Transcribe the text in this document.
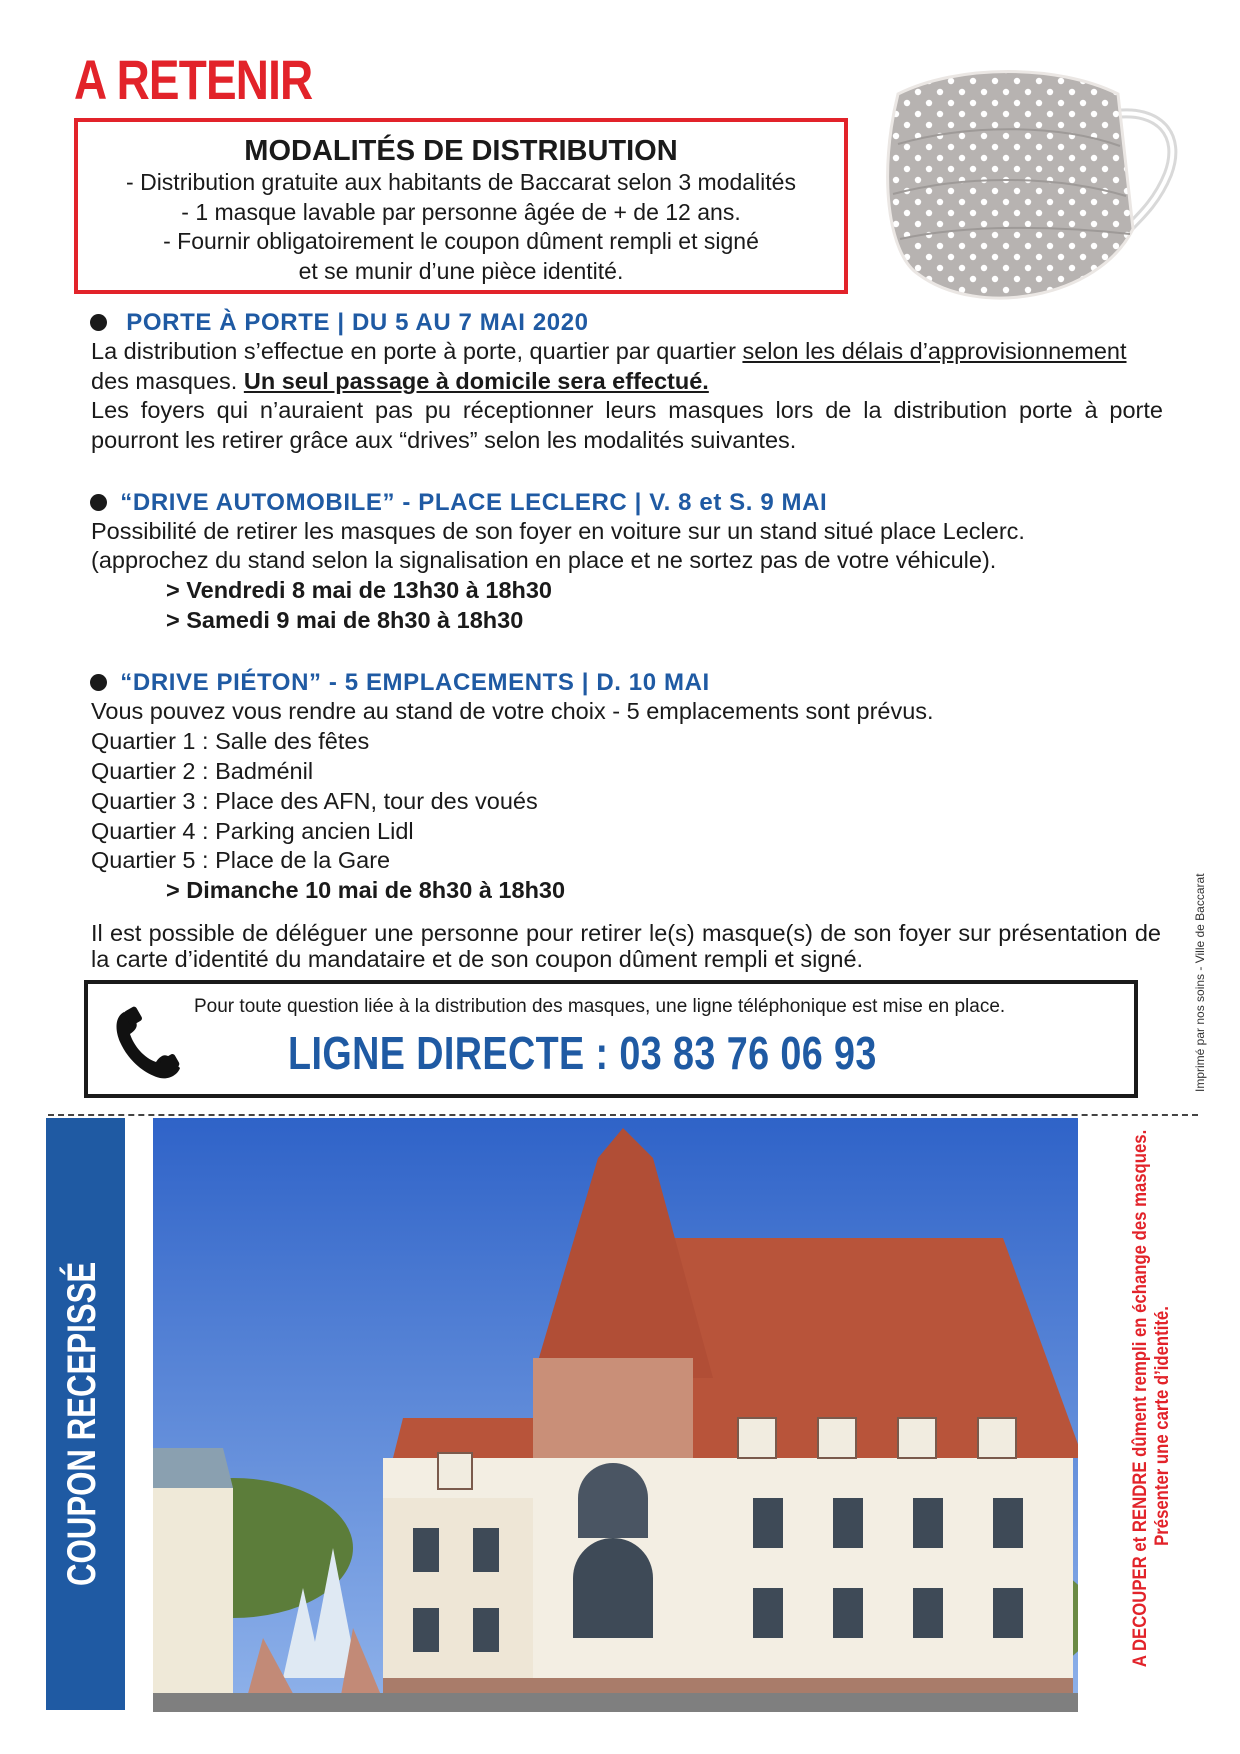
A RETENIR
MODALITÉS DE DISTRIBUTION
- Distribution gratuite aux habitants de Baccarat selon 3 modalités
- 1 masque lavable par personne âgée de + de 12 ans.
- Fournir obligatoirement le coupon dûment rempli et signé
et se munir d’une pièce identité.
PORTE À PORTE | DU 5 AU 7 MAI 2020
La distribution s’effectue en porte à porte, quartier par quartier selon les délais d’approvisionnement
des masques. Un seul passage à domicile sera effectué.
Les foyers qui n’auraient pas pu réceptionner leurs masques lors de la distribution porte à porte pourront les retirer grâce aux “drives” selon les modalités suivantes.
“DRIVE AUTOMOBILE” - PLACE LECLERC | V. 8 et S. 9 MAI
Possibilité de retirer les masques de son foyer en voiture sur un stand situé place Leclerc.
(approchez du stand selon la signalisation en place et ne sortez pas de votre véhicule).
> Vendredi 8 mai de 13h30 à 18h30
> Samedi 9 mai de 8h30 à 18h30
“DRIVE PIÉTON” - 5 EMPLACEMENTS | D. 10 MAI
Vous pouvez vous rendre au stand de votre choix - 5 emplacements sont prévus.
Quartier 1 : Salle des fêtes
Quartier 2 : Badménil
Quartier 3 : Place des AFN, tour des voués
Quartier 4 : Parking ancien Lidl
Quartier 5 : Place de la Gare
> Dimanche 10 mai de 8h30 à 18h30
Il est possible de déléguer une personne pour retirer le(s) masque(s) de son foyer sur présentation de la carte d’identité du mandataire et de son coupon dûment rempli et signé.
Pour toute question liée à la distribution des masques, une ligne téléphonique est mise en place.
LIGNE DIRECTE : 03 83 76 06 93	Imprimé par nos soins - Ville de Baccarat
COUPON RECEPISSÉ	A DECOUPER et RENDRE dûment rempli en échange des masques. Présenter une carte d’identité.
